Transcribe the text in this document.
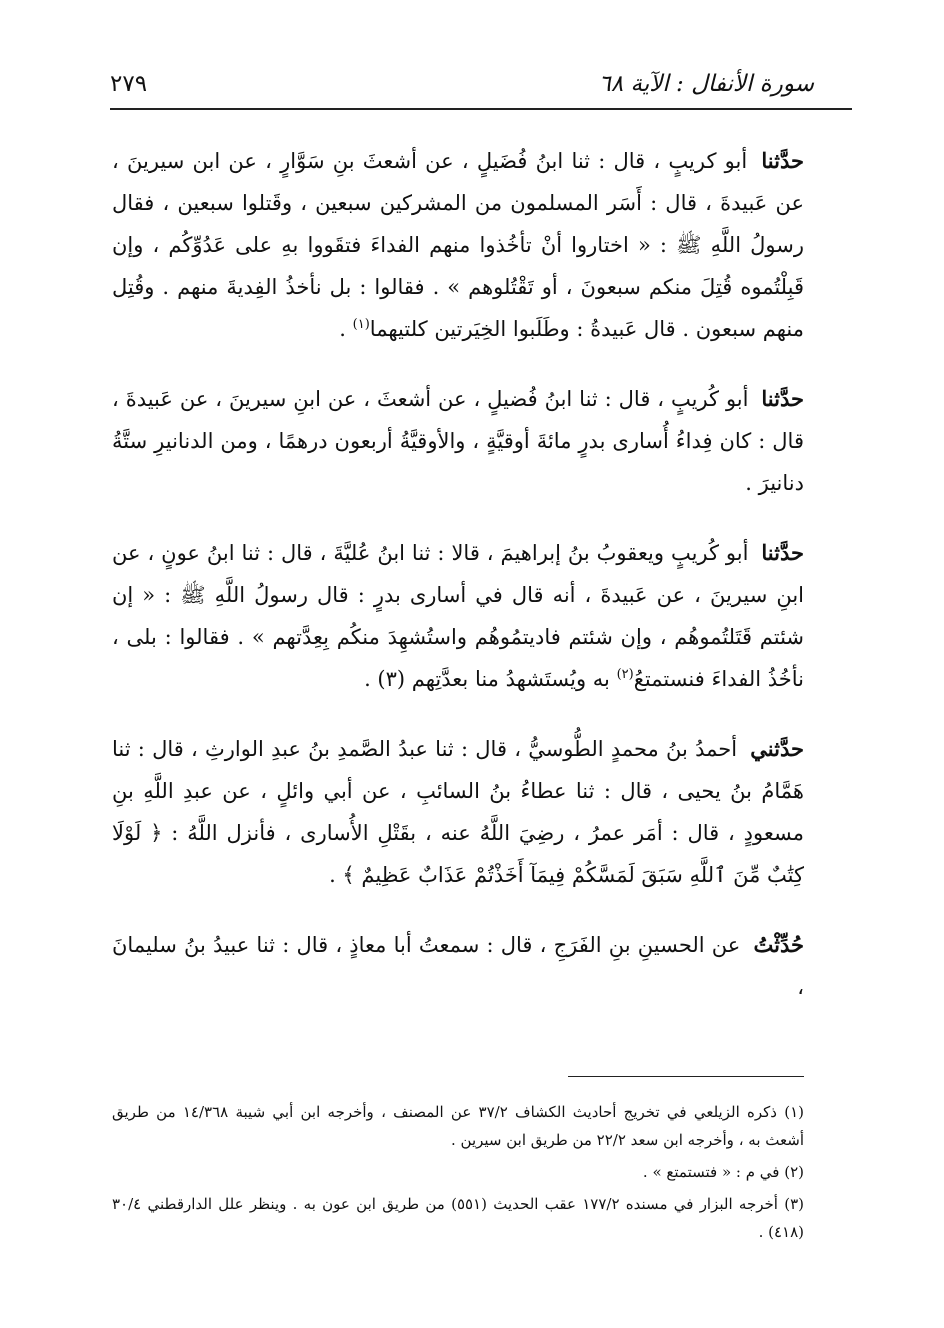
سورة الأنفال : الآية ٦٨
٢٧٩

حدَّثنا أبو كريبٍ ، قال : ثنا ابنُ فُضَيلٍ ، عن أشعثَ بنِ سَوَّارٍ ، عن ابن سيرينَ ، عن عَبيدةَ ، قال : أَسَر المسلمون من المشركين سبعين ، وقَتلوا سبعين ، فقال رسولُ اللَّهِ ﷺ : « اختاروا أنْ تأخُذوا منهم الفداءَ فتقَووا بهِ على عَدُوِّكُم ، وإن قَبِلْتُموه قُتِلَ منكم سبعونَ ، أو تَقْتُلوهم » . فقالوا : بل نأخذُ الفِديةَ منهم . وقُتِل منهم سبعون . قال عَبيدةُ : وطَلَبوا الخِيَرتين كلتيهما$^{(١)}$ .

حدَّثنا أبو كُريبٍ ، قال : ثنا ابنُ فُضيلٍ ، عن أشعثَ ، عن ابنِ سيرينَ ، عن عَبيدةَ ، قال : كان فِداءُ أُسارى بدرٍ مائةَ أوقيَّةٍ ، والأوقيَّةُ أربعون درهمًا ، ومن الدنانيرِ ستَّةُ دنانيرَ .

حدَّثنا أبو كُريبٍ ويعقوبُ بنُ إبراهيمَ ، قالا : ثنا ابنُ عُليَّةَ ، قال : ثنا ابنُ عونٍ ، عن ابنِ سيرينَ ، عن عَبيدةَ ، أنه قال في أسارى بدرٍ : قال رسولُ اللَّهِ ﷺ : « إن شئتم قَتَلتُموهُم ، وإن شئتم فاديتمُوهُم واستُشهِدَ منكُم بِعِدَّتهم » . فقالوا : بلى ، نأخُذُ الفداءَ فنستمتعُ$^{(٢)}$ به ويُستَشهدُ منا بعدَّتِهم (٣) .

حدَّثني أحمدُ بنُ محمدٍ الطُّوسيُّ ، قال : ثنا عبدُ الصَّمدِ بنُ عبدِ الوارثِ ، قال : ثنا هَمَّامُ بنُ يحيى ، قال : ثنا عطاءُ بنُ السائبِ ، عن أبي وائلٍ ، عن عبدِ اللَّهِ بنِ مسعودٍ ، قال : أمَر عمرُ ، رضِيَ اللَّهُ عنه ، بقَتْلِ الأُسارى ، فأنزل اللَّهُ : ﴿ لَوْلَا كِتَٰبٌ مِّنَ ٱللَّهِ سَبَقَ لَمَسَّكُمْ فِيمَآ أَخَذْتُمْ عَذَابٌ عَظِيمٌ ﴾ .

حُدِّثْتُ عن الحسينِ بنِ الفَرَجِ ، قال : سمعتُ أبا معاذٍ ، قال : ثنا عبيدُ بنُ سليمانَ ،

(١) ذكره الزيلعي في تخريج أحاديث الكشاف ٣٧/٢ عن المصنف ، وأخرجه ابن أبي شيبة ١٤/٣٦٨ من طريق أشعث به ، وأخرجه ابن سعد ٢٢/٢ من طريق ابن سيرين .

(٢) في م : « فتستمتع » .

(٣) أخرجه البزار في مسنده ١٧٧/٢ عقب الحديث (٥٥١) من طريق ابن عون به . وينظر علل الدارقطني ٣٠/٤ (٤١٨) .
